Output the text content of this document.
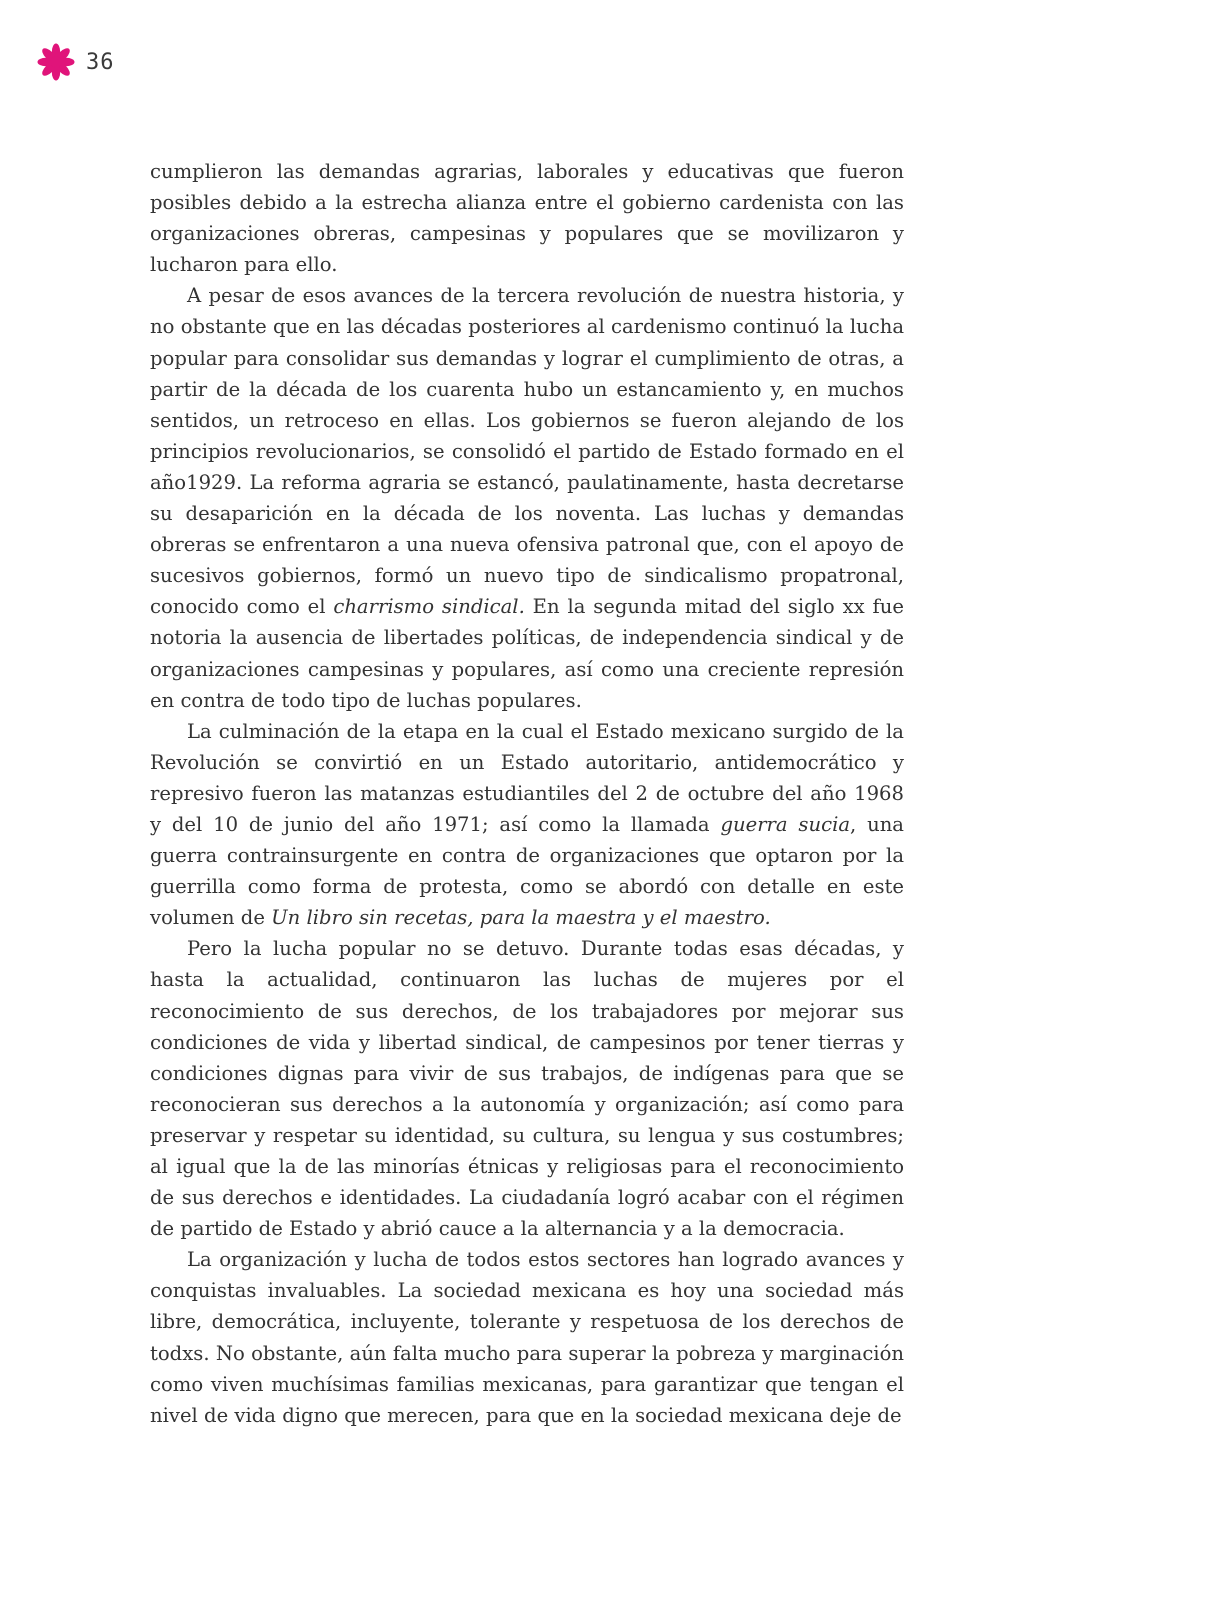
36

cumplieron las demandas agrarias, laborales y educativas que fueron posibles debido a la estrecha alianza entre el gobierno cardenista con las organizaciones obreras, campesinas y populares que se movilizaron y lucharon para ello.

A pesar de esos avances de la tercera revolución de nuestra historia, y no obstante que en las décadas posteriores al cardenismo continuó la lucha popular para consolidar sus demandas y lograr el cumplimiento de otras, a partir de la década de los cuarenta hubo un estancamiento y, en muchos sentidos, un retroceso en ellas. Los gobiernos se fueron alejando de los principios revolucionarios, se consolidó el partido de Estado formado en el año1929. La reforma agraria se estancó, paulatinamente, hasta decretarse su desaparición en la década de los noventa. Las luchas y demandas obreras se enfrentaron a una nueva ofensiva patronal que, con el apoyo de sucesivos gobiernos, formó un nuevo tipo de sindicalismo propatronal, conocido como el charrismo sindical. En la segunda mitad del siglo xx fue notoria la ausencia de libertades políticas, de independencia sindical y de organizaciones campesinas y populares, así como una creciente represión en contra de todo tipo de luchas populares.

La culminación de la etapa en la cual el Estado mexicano surgido de la Revolución se convirtió en un Estado autoritario, antidemocrático y represivo fueron las matanzas estudiantiles del 2 de octubre del año 1968 y del 10 de junio del año 1971; así como la llamada guerra sucia, una guerra contrainsurgente en contra de organizaciones que optaron por la guerrilla como forma de protesta, como se abordó con detalle en este volumen de Un libro sin recetas, para la maestra y el maestro.

Pero la lucha popular no se detuvo. Durante todas esas décadas, y hasta la actualidad, continuaron las luchas de mujeres por el reconocimiento de sus derechos, de los trabajadores por mejorar sus condiciones de vida y libertad sindical, de campesinos por tener tierras y condiciones dignas para vivir de sus trabajos, de indígenas para que se reconocieran sus derechos a la autonomía y organización; así como para preservar y respetar su identidad, su cultura, su lengua y sus costumbres; al igual que la de las minorías étnicas y religiosas para el reconocimiento de sus derechos e identidades. La ciudadanía logró acabar con el régimen de partido de Estado y abrió cauce a la alternancia y a la democracia.

La organización y lucha de todos estos sectores han logrado avances y conquistas invaluables. La sociedad mexicana es hoy una sociedad más libre, democrática, incluyente, tolerante y respetuosa de los derechos de todxs. No obstante, aún falta mucho para superar la pobreza y marginación como viven muchísimas familias mexicanas, para garantizar que tengan el nivel de vida digno que merecen, para que en la sociedad mexicana deje de
